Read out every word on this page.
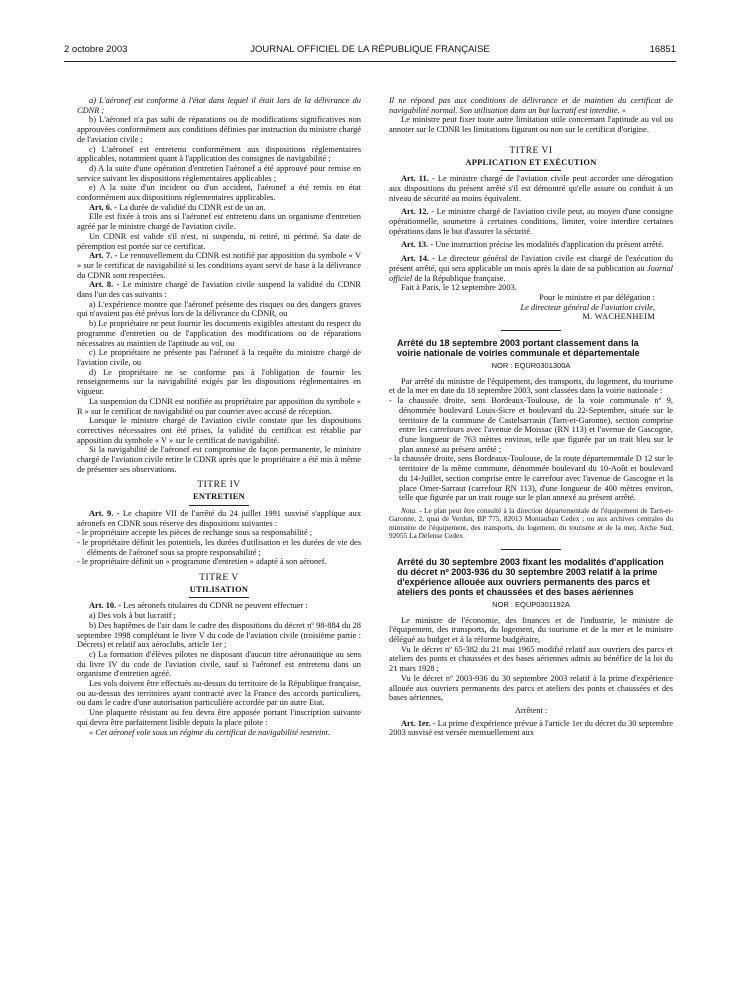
2 octobre 2003	JOURNAL OFFICIEL DE LA RÉPUBLIQUE FRANÇAISE	16851

a) L'aéronef est conforme à l'état dans lequel il était lors de la délivrance du CDNR ;

b) L'aéronef n'a pas subi de réparations ou de modifications significatives non approuvées conformément aux conditions définies par instruction du ministre chargé de l'aviation civile ;

c) L'aéronef est entretenu conformément aux dispositions réglementaires applicables, notamment quant à l'application des consignes de navigabilité ;

d) A la suite d'une opération d'entretien l'aéronef a été approuvé pour remise en service suivant les dispositions réglementaires applicables ;

e) A la suite d'un incident ou d'un accident, l'aéronef a été remis en état conformément aux dispositions réglementaires applicables.

Art. 6. - La durée de validité du CDNR est de un an.

Elle est fixée à trois ans si l'aéronef est entretenu dans un organisme d'entretien agréé par le ministre chargé de l'aviation civile.

Un CDNR est valide s'il n'est, ni suspendu, ni retiré, ni périmé. Sa date de péremption est portée sur ce certificat.

Art. 7. - Le renouvellement du CDNR est notifié par apposition du symbole « V » sur le certificat de navigabilité si les conditions ayant servi de base à la délivrance du CDNR sont respectées.

Art. 8. - Le ministre chargé de l'aviation civile suspend la validité du CDNR dans l'un des cas suivants :

a) L'expérience montre que l'aéronef présente des risques ou des dangers graves qui n'avaient pas été prévus lors de la délivrance du CDNR, ou

b) Le propriétaire ne peut fournir les documents exigibles attestant du respect du programme d'entretien ou de l'application des modifications ou de réparations nécessaires au maintien de l'aptitude au vol, ou

c) Le propriétaire ne présente pas l'aéronef à la requête du ministre chargé de l'aviation civile, ou

d) Le propriétaire ne se conforme pas à l'obligation de fournir les renseignements sur la navigabilité exigés par les dispositions réglementaires en vigueur.

La suspension du CDNR est notifiée au propriétaire par apposition du symbole « R » sur le certificat de navigabilité ou par courrier avec accusé de réception.

Lorsque le ministre chargé de l'aviation civile constate que les dispositions correctives nécessaires ont été prises, la validité du certificat est rétablie par apposition du symbole « V » sur le certificat de navigabilité.

Si la navigabilité de l'aéronef est compromise de façon permanente, le ministre chargé de l'aviation civile retire le CDNR après que le propriétaire a été mis à même de présenter ses observations.

TITRE IV
ENTRETIEN

Art. 9. - Le chapitre VII de l'arrêté du 24 juillet 1991 susvisé s'applique aux aéronefs en CDNR sous réserve des dispositions suivantes :

- le propriétaire accepte les pièces de rechange sous sa responsabilité ;

- le propriétaire définit les potentiels, les durées d'utilisation et les durées de vie des éléments de l'aéronef sous sa propre responsabilité ;

- le propriétaire définit un « programme d'entretien » adapté à son aéronef.

TITRE V
UTILISATION

Art. 10. - Les aéronefs titulaires du CDNR ne peuvent effectuer :

a) Des vols à but lucratif ;

b) Des baptêmes de l'air dans le cadre des dispositions du décret nº 98-884 du 28 septembre 1998 complétant le livre V du code de l'aviation civile (troisième partie : Décrets) et relatif aux aéroclubs, article 1er ;

c) La formation d'élèves pilotes ne disposant d'aucun titre aéronautique au sens du livre IV du code de l'aviation civile, sauf si l'aéronef est entretenu dans un organisme d'entretien agréé.

Les vols doivent être effectués au-dessus du territoire de la République française, ou au-dessus des territoires ayant contracté avec la France des accords particuliers, ou dans le cadre d'une autorisation particulière accordée par un autre Etat.

Une plaquette résistant au feu devra être apposée portant l'inscription suivante qui devra être parfaitement lisible depuis la place pilote :

« Cet aéronef vole sous un régime du certificat de navigabilité restreint.

Il ne répond pas aux conditions de délivrance et de maintien du certificat de navigabilité normal. Son utilisation dans un but lucratif est interdite. »

Le ministre peut fixer toute autre limitation utile concernant l'aptitude au vol ou annoter sur le CDNR les limitations figurant ou non sur le certificat d'origine.

TITRE VI
APPLICATION ET EXÉCUTION

Art. 11. - Le ministre chargé de l'aviation civile peut accorder une dérogation aux dispositions du présent arrêté s'il est démontré qu'elle assure ou conduit à un niveau de sécurité au moins équivalent.

Art. 12. - Le ministre chargé de l'aviation civile peut, au moyen d'une consigne opérationnelle, soumettre à certaines conditions, limiter, voire interdire certaines opérations dans le but d'assurer la sécurité.

Art. 13. - Une instruction précise les modalités d'application du présent arrêté.

Art. 14. - Le directeur général de l'aviation civile est chargé de l'exécution du présent arrêté, qui sera applicable un mois après la date de sa publication au Journal officiel de la République française.

Fait à Paris, le 12 septembre 2003.

Pour le ministre et par délégation :

Le directeur général de l'aviation civile,

M. WACHENHEIM

Arrêté du 18 septembre 2003 portant classement dans la voirie nationale de voiries communale et départementale
NOR : EQUR0301300A

Par arrêté du ministre de l'équipement, des transports, du logement, du tourisme et de la mer en date du 18 septembre 2003, sont classées dans la voirie nationale :

- la chaussée droite, sens Bordeaux-Toulouse, de la voie communale nº 9, dénommée boulevard Louis-Sicre et boulevard du 22-Septembre, située sur le territoire de la commune de Castelsarrasin (Tarn-et-Garonne), section comprise entre les carrefours avec l'avenue de Moissac (RN 113) et l'avenue de Gascogne, d'une longueur de 763 mètres environ, telle que figurée par un trait bleu sur le plan annexé au présent arrêté ;

- la chaussée droite, sens Bordeaux-Toulouse, de la route départementale D 12 sur le territoire de la même commune, dénommée boulevard du 10-Août et boulevard du 14-Juillet, section comprise entre le carrefour avec l'avenue de Gascogne et la place Omer-Sarraut (carrefour RN 113), d'une longueur de 400 mètres environ, telle que figurée par un trait rouge sur le plan annexé au présent arrêté.

Nota. - Le plan peut être consulté à la direction départementale de l'équipement de Tarn-et-Garonne, 2, quai de Verdun, BP 775, 82013 Montauban Cedex ; ou aux archives centrales du ministère de l'équipement, des transports, du logement, du tourisme et de la mer, Arche Sud, 92055 La Défense Cedex.

Arrêté du 30 septembre 2003 fixant les modalités d'application du décret nº 2003-936 du 30 septembre 2003 relatif à la prime d'expérience allouée aux ouvriers permanents des parcs et ateliers des ponts et chaussées et des bases aériennes
NOR : EQUP0301192A

Le ministre de l'économie, des finances et de l'industrie, le ministre de l'équipement, des transports, du logement, du tourisme et de la mer et le ministre délégué au budget et à la réforme budgétaire,

Vu le décret nº 65-382 du 21 mai 1965 modifié relatif aux ouvriers des parcs et ateliers des ponts et chaussées et des bases aériennes admis au bénéfice de la loi du 21 mars 1928 ;

Vu le décret nº 2003-936 du 30 septembre 2003 relatif à la prime d'expérience allouée aux ouvriers permanents des parcs et ateliers des ponts et chaussées et des bases aériennes,

Arrêtent :

Art. 1er. - La prime d'expérience prévue à l'article 1er du décret du 30 septembre 2003 susvisé est versée mensuellement aux
